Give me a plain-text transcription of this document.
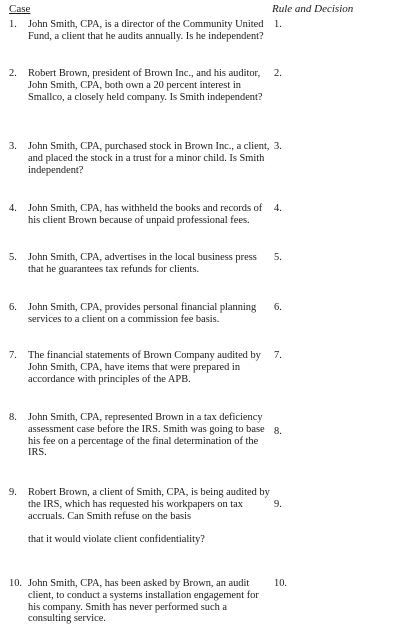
Case	Rule and Decision
1. John Smith, CPA, is a director of the Community United Fund, a client that he audits annually. Is he independent?
1.
2. Robert Brown, president of Brown Inc., and his auditor, John Smith, CPA, both own a 20 percent interest in Smallco, a closely held company. Is Smith independent?
2.
3. John Smith, CPA, purchased stock in Brown Inc., a client, and placed the stock in a trust for a minor child. Is Smith independent?
3.
4. John Smith, CPA, has withheld the books and records of his client Brown because of unpaid professional fees.
4.
5. John Smith, CPA, advertises in the local business press that he guarantees tax refunds for clients.
5.
6. John Smith, CPA, provides personal financial planning services to a client on a commission fee basis.
6.
7. The financial statements of Brown Company audited by John Smith, CPA, have items that were prepared in accordance with principles of the APB.
7.
8. John Smith, CPA, represented Brown in a tax deficiency assessment case before the IRS. Smith was going to base his fee on a percentage of the final determination of the IRS.
8.
9. Robert Brown, a client of Smith, CPA, is being audited by the IRS, which has requested his workpapers on tax accruals. Can Smith refuse on the basis
that it would violate client confidentiality?
9.
10. John Smith, CPA, has been asked by Brown, an audit client, to conduct a systems installation engagement for his company. Smith has never performed such a consulting service.
10.
